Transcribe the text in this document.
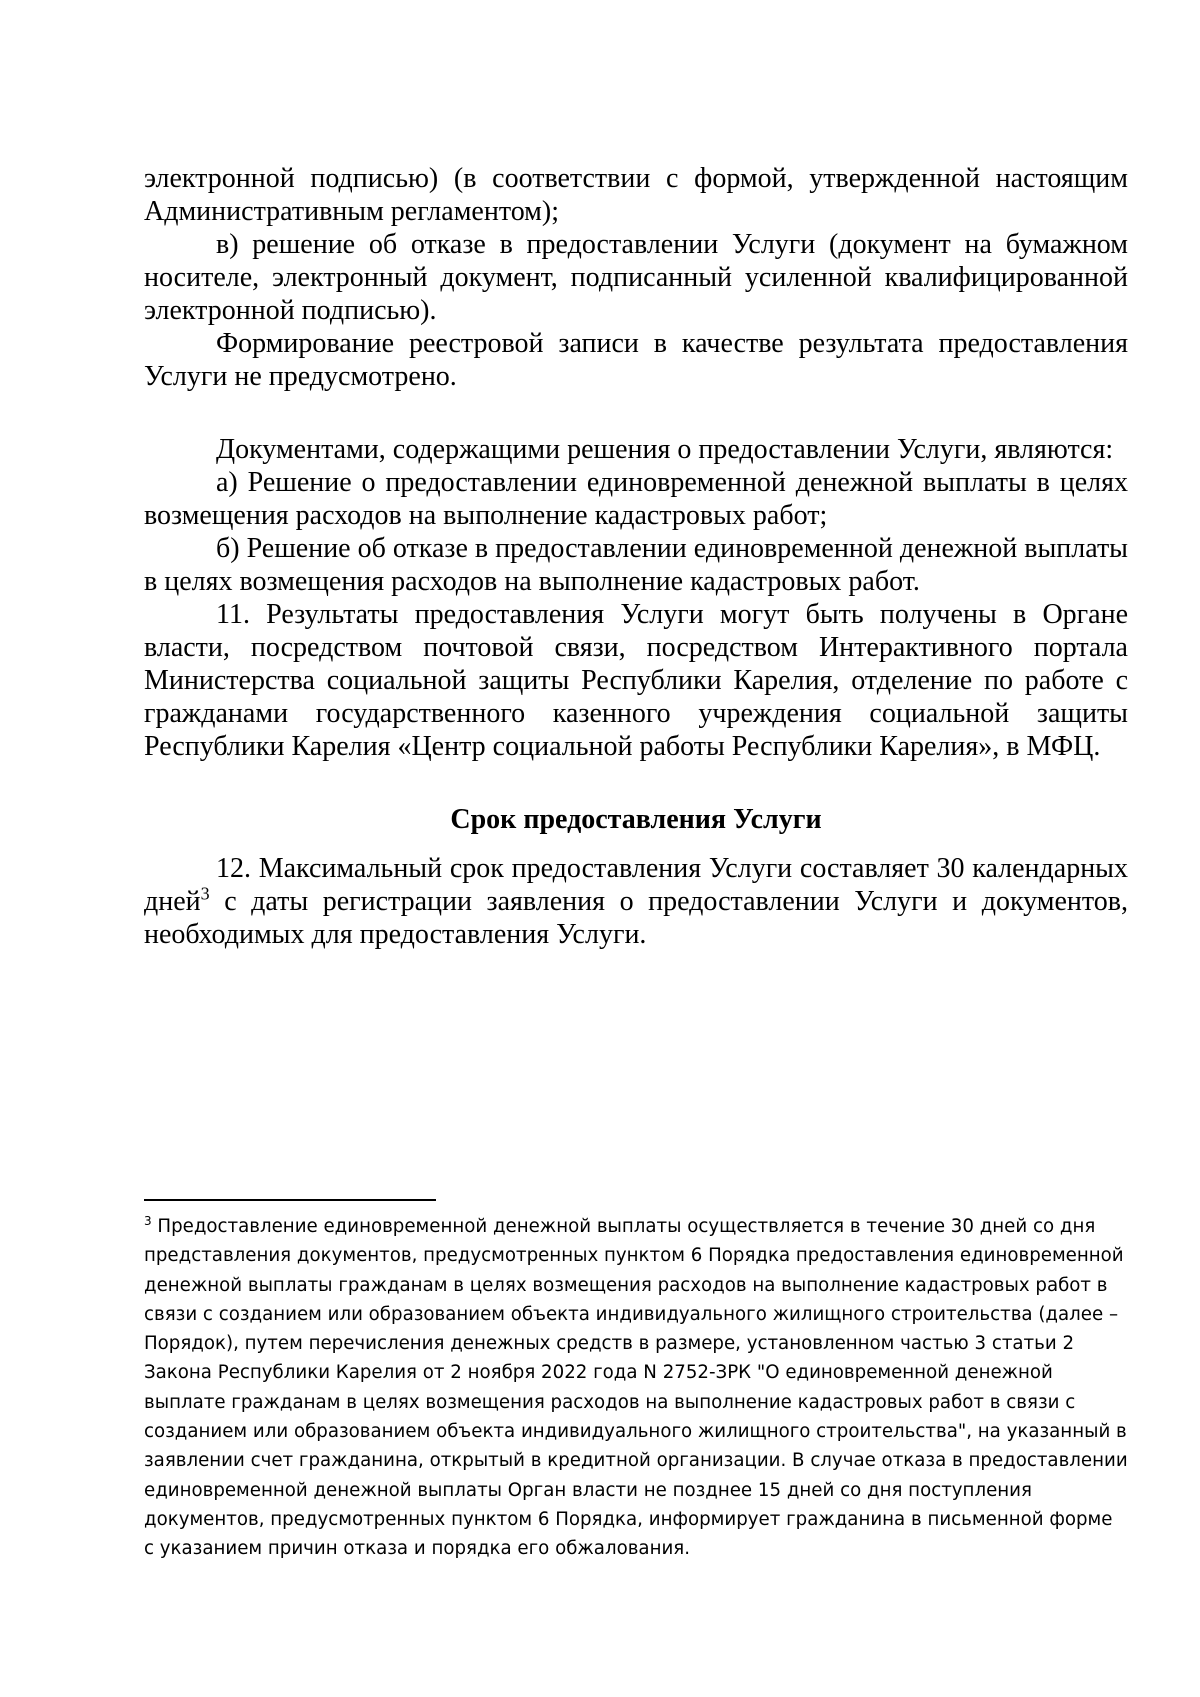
электронной подписью) (в соответствии с формой, утвержденной настоящим Административным регламентом);

в) решение об отказе в предоставлении Услуги (документ на бумажном носителе, электронный документ, подписанный усиленной квалифицированной электронной подписью).

Формирование реестровой записи в качестве результата предоставления Услуги не предусмотрено.

Документами, содержащими решения о предоставлении Услуги, являются:

а) Решение о предоставлении единовременной денежной выплаты в целях возмещения расходов на выполнение кадастровых работ;

б) Решение об отказе в предоставлении единовременной денежной выплаты в целях возмещения расходов на выполнение кадастровых работ.

11. Результаты предоставления Услуги могут быть получены в Органе власти, посредством почтовой связи, посредством Интерактивного портала Министерства социальной защиты Республики Карелия, отделение по работе с гражданами государственного казенного учреждения социальной защиты Республики Карелия «Центр социальной работы Республики Карелия», в МФЦ.

Срок предоставления Услуги

12. Максимальный срок предоставления Услуги составляет 30 календарных дней$^3$ с даты регистрации заявления о предоставлении Услуги и документов, необходимых для предоставления Услуги.

$^3$ Предоставление единовременной денежной выплаты осуществляется в течение 30 дней со дня представления документов, предусмотренных пунктом 6 Порядка предоставления единовременной денежной выплаты гражданам в целях возмещения расходов на выполнение кадастровых работ в связи с созданием или образованием объекта индивидуального жилищного строительства (далее – Порядок), путем перечисления денежных средств в размере, установленном частью 3 статьи 2 Закона Республики Карелия от 2 ноября 2022 года N 2752-ЗРК "О единовременной денежной выплате гражданам в целях возмещения расходов на выполнение кадастровых работ в связи с созданием или образованием объекта индивидуального жилищного строительства", на указанный в заявлении счет гражданина, открытый в кредитной организации. В случае отказа в предоставлении единовременной денежной выплаты Орган власти не позднее 15 дней со дня поступления документов, предусмотренных пунктом 6 Порядка, информирует гражданина в письменной форме с указанием причин отказа и порядка его обжалования.
